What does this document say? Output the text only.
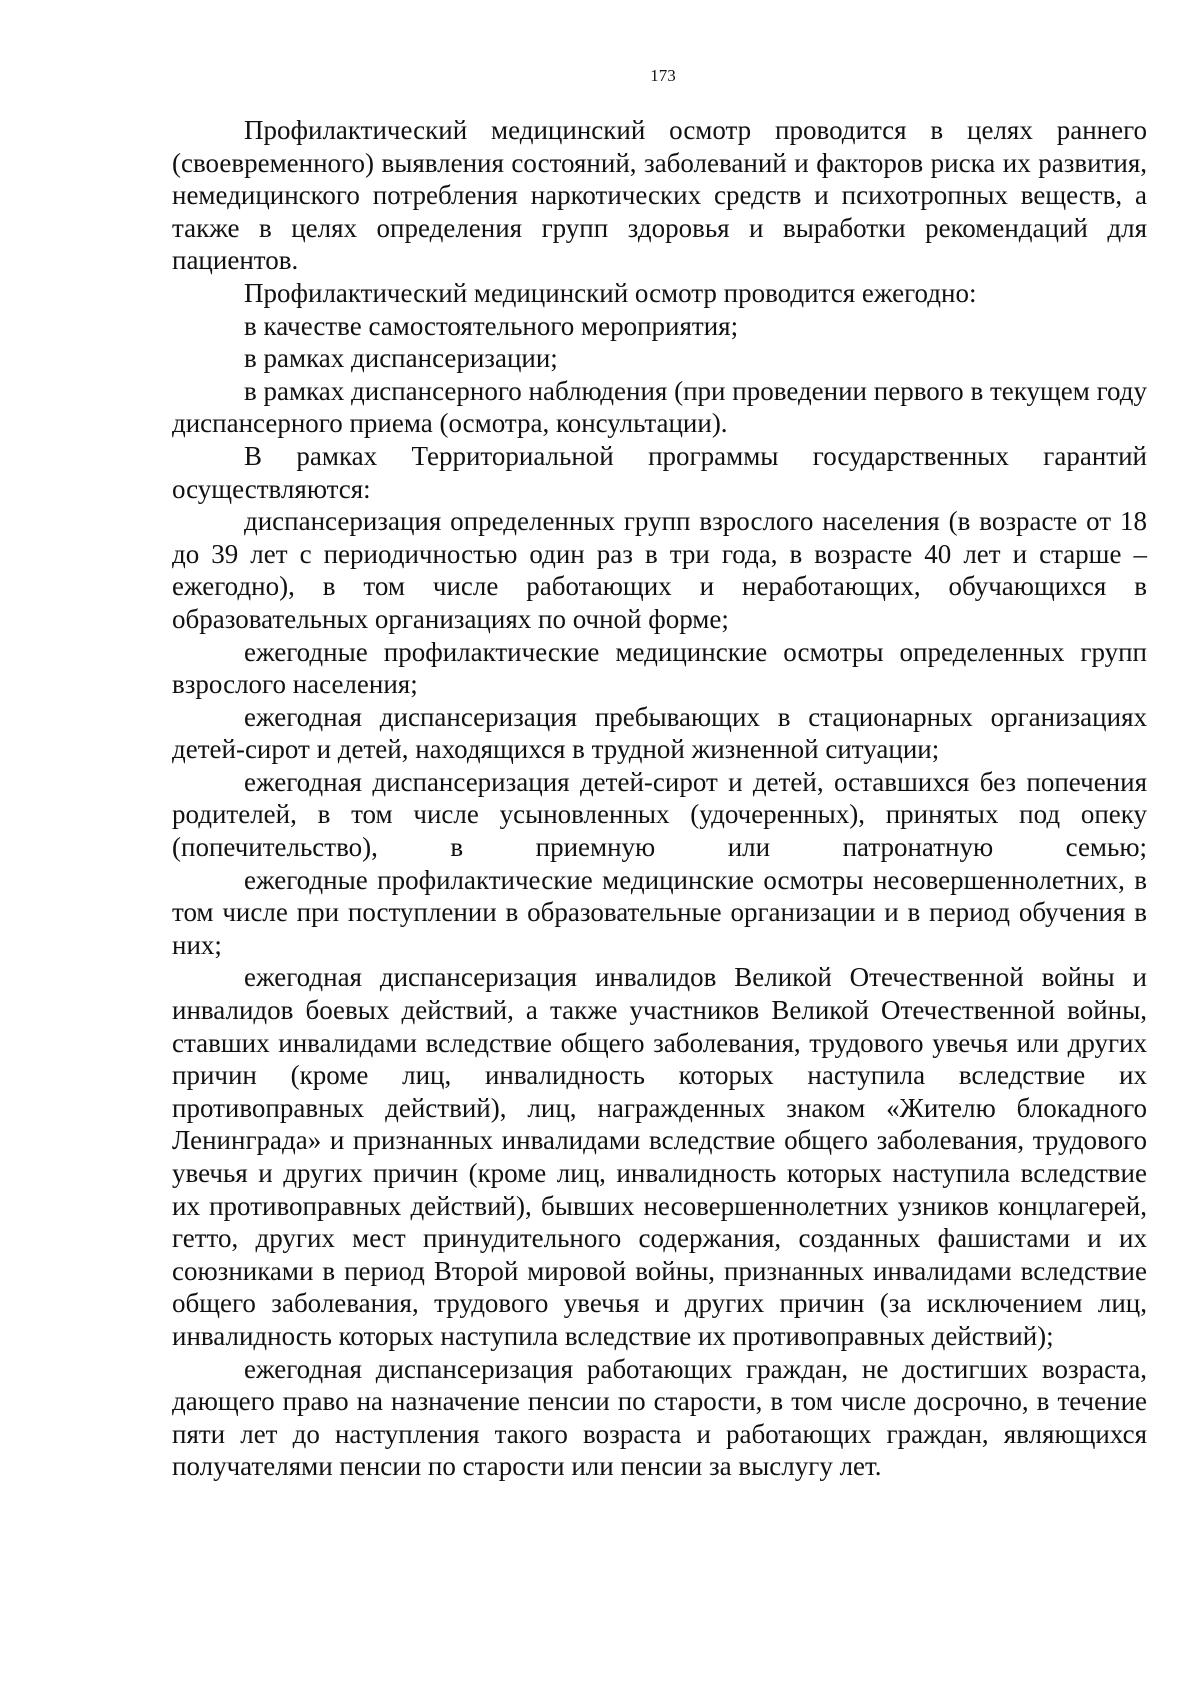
173

Профилактический медицинский осмотр проводится в целях раннего (своевременного) выявления состояний, заболеваний и факторов риска их развития, немедицинского потребления наркотических средств и психотропных веществ, а также в целях определения групп здоровья и выработки рекомендаций для пациентов.

Профилактический медицинский осмотр проводится ежегодно:

в качестве самостоятельного мероприятия;

в рамках диспансеризации;

в рамках диспансерного наблюдения (при проведении первого в текущем году диспансерного приема (осмотра, консультации).

В рамках Территориальной программы государственных гарантий осуществляются:

диспансеризация определенных групп взрослого населения (в возрасте от 18 до 39 лет с периодичностью один раз в три года, в возрасте 40 лет и старше – ежегодно), в том числе работающих и неработающих, обучающихся в образовательных организациях по очной форме;

ежегодные профилактические медицинские осмотры определенных групп взрослого населения;

ежегодная диспансеризация пребывающих в стационарных организациях детей-сирот и детей, находящихся в трудной жизненной ситуации;

ежегодная диспансеризация детей-сирот и детей, оставшихся без попечения родителей, в том числе усыновленных (удочеренных), принятых под опеку (попечительство), в приемную или патронатную семью;

ежегодные профилактические медицинские осмотры несовершеннолетних, в том числе при поступлении в образовательные организации и в период обучения в них;

ежегодная диспансеризация инвалидов Великой Отечественной войны и инвалидов боевых действий, а также участников Великой Отечественной войны, ставших инвалидами вследствие общего заболевания, трудового увечья или других причин (кроме лиц, инвалидность которых наступила вследствие их противоправных действий), лиц, награжденных знаком «Жителю блокадного Ленинграда» и признанных инвалидами вследствие общего заболевания, трудового увечья и других причин (кроме лиц, инвалидность которых наступила вследствие их противоправных действий), бывших несовершеннолетних узников концлагерей, гетто, других мест принудительного содержания, созданных фашистами и их союзниками в период Второй мировой войны, признанных инвалидами вследствие общего заболевания, трудового увечья и других причин (за исключением лиц, инвалидность которых наступила вследствие их противоправных действий);

ежегодная диспансеризация работающих граждан, не достигших возраста, дающего право на назначение пенсии по старости, в том числе досрочно, в течение пяти лет до наступления такого возраста и работающих граждан, являющихся получателями пенсии по старости или пенсии за выслугу лет.
